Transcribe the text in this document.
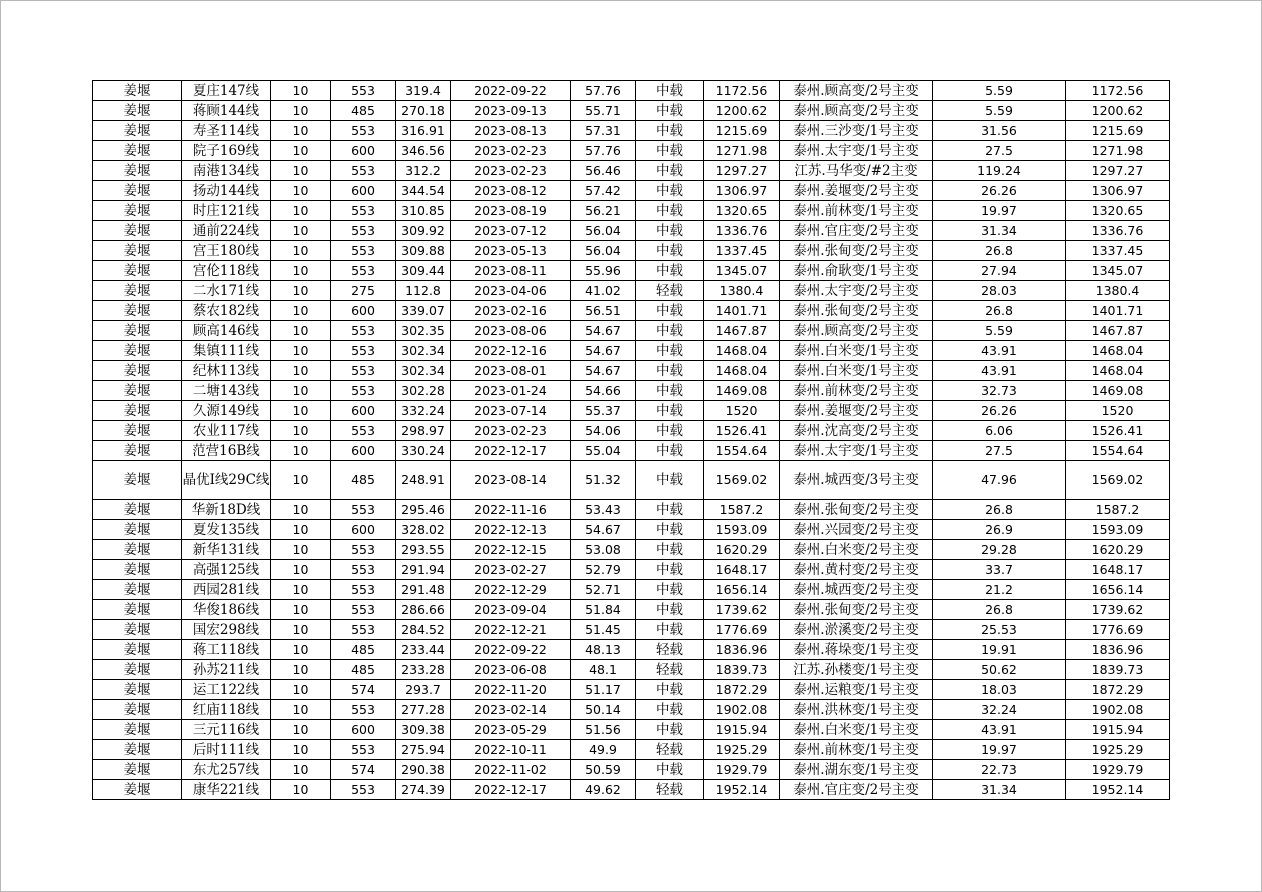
姜堰	夏庄147线	10	553	319.4	2022-09-22	57.76	中载	1172.56	泰州.顾高变/2号主变	5.59	1172.56
姜堰	蒋顾144线	10	485	270.18	2023-09-13	55.71	中载	1200.62	泰州.顾高变/2号主变	5.59	1200.62
姜堰	寿圣114线	10	553	316.91	2023-08-13	57.31	中载	1215.69	泰州.三沙变/1号主变	31.56	1215.69
姜堰	院子169线	10	600	346.56	2023-02-23	57.76	中载	1271.98	泰州.太宇变/1号主变	27.5	1271.98
姜堰	南港134线	10	553	312.2	2023-02-23	56.46	中载	1297.27	江苏.马华变/#2主变	119.24	1297.27
姜堰	扬动144线	10	600	344.54	2023-08-12	57.42	中载	1306.97	泰州.姜堰变/2号主变	26.26	1306.97
姜堰	时庄121线	10	553	310.85	2023-08-19	56.21	中载	1320.65	泰州.前林变/1号主变	19.97	1320.65
姜堰	通前224线	10	553	309.92	2023-07-12	56.04	中载	1336.76	泰州.官庄变/2号主变	31.34	1336.76
姜堰	宫王180线	10	553	309.88	2023-05-13	56.04	中载	1337.45	泰州.张甸变/2号主变	26.8	1337.45
姜堰	宫伦118线	10	553	309.44	2023-08-11	55.96	中载	1345.07	泰州.俞耿变/1号主变	27.94	1345.07
姜堰	二水171线	10	275	112.8	2023-04-06	41.02	轻载	1380.4	泰州.太宇变/2号主变	28.03	1380.4
姜堰	蔡农182线	10	600	339.07	2023-02-16	56.51	中载	1401.71	泰州.张甸变/2号主变	26.8	1401.71
姜堰	顾高146线	10	553	302.35	2023-08-06	54.67	中载	1467.87	泰州.顾高变/2号主变	5.59	1467.87
姜堰	集镇111线	10	553	302.34	2022-12-16	54.67	中载	1468.04	泰州.白米变/1号主变	43.91	1468.04
姜堰	纪林113线	10	553	302.34	2023-08-01	54.67	中载	1468.04	泰州.白米变/1号主变	43.91	1468.04
姜堰	二塘143线	10	553	302.28	2023-01-24	54.66	中载	1469.08	泰州.前林变/2号主变	32.73	1469.08
姜堰	久源149线	10	600	332.24	2023-07-14	55.37	中载	1520	泰州.姜堰变/2号主变	26.26	1520
姜堰	农业117线	10	553	298.97	2023-02-23	54.06	中载	1526.41	泰州.沈高变/2号主变	6.06	1526.41
姜堰	范营16B线	10	600	330.24	2022-12-17	55.04	中载	1554.64	泰州.太宇变/1号主变	27.5	1554.64
姜堰	晶优Ⅰ线29C线	10	485	248.91	2023-08-14	51.32	中载	1569.02	泰州.城西变/3号主变	47.96	1569.02
姜堰	华新18D线	10	553	295.46	2022-11-16	53.43	中载	1587.2	泰州.张甸变/2号主变	26.8	1587.2
姜堰	夏发135线	10	600	328.02	2022-12-13	54.67	中载	1593.09	泰州.兴园变/2号主变	26.9	1593.09
姜堰	新华131线	10	553	293.55	2022-12-15	53.08	中载	1620.29	泰州.白米变/2号主变	29.28	1620.29
姜堰	高强125线	10	553	291.94	2023-02-27	52.79	中载	1648.17	泰州.黄村变/2号主变	33.7	1648.17
姜堰	西园281线	10	553	291.48	2022-12-29	52.71	中载	1656.14	泰州.城西变/2号主变	21.2	1656.14
姜堰	华俊186线	10	553	286.66	2023-09-04	51.84	中载	1739.62	泰州.张甸变/2号主变	26.8	1739.62
姜堰	国宏298线	10	553	284.52	2022-12-21	51.45	中载	1776.69	泰州.淤溪变/2号主变	25.53	1776.69
姜堰	蒋工118线	10	485	233.44	2022-09-22	48.13	轻载	1836.96	泰州.蒋垛变/1号主变	19.91	1836.96
姜堰	孙苏211线	10	485	233.28	2023-06-08	48.1	轻载	1839.73	江苏.孙楼变/1号主变	50.62	1839.73
姜堰	运工122线	10	574	293.7	2022-11-20	51.17	中载	1872.29	泰州.运粮变/1号主变	18.03	1872.29
姜堰	红庙118线	10	553	277.28	2023-02-14	50.14	中载	1902.08	泰州.洪林变/1号主变	32.24	1902.08
姜堰	三元116线	10	600	309.38	2023-05-29	51.56	中载	1915.94	泰州.白米变/1号主变	43.91	1915.94
姜堰	后时111线	10	553	275.94	2022-10-11	49.9	轻载	1925.29	泰州.前林变/1号主变	19.97	1925.29
姜堰	东尤257线	10	574	290.38	2022-11-02	50.59	中载	1929.79	泰州.湖东变/1号主变	22.73	1929.79
姜堰	康华221线	10	553	274.39	2022-12-17	49.62	轻载	1952.14	泰州.官庄变/2号主变	31.34	1952.14
